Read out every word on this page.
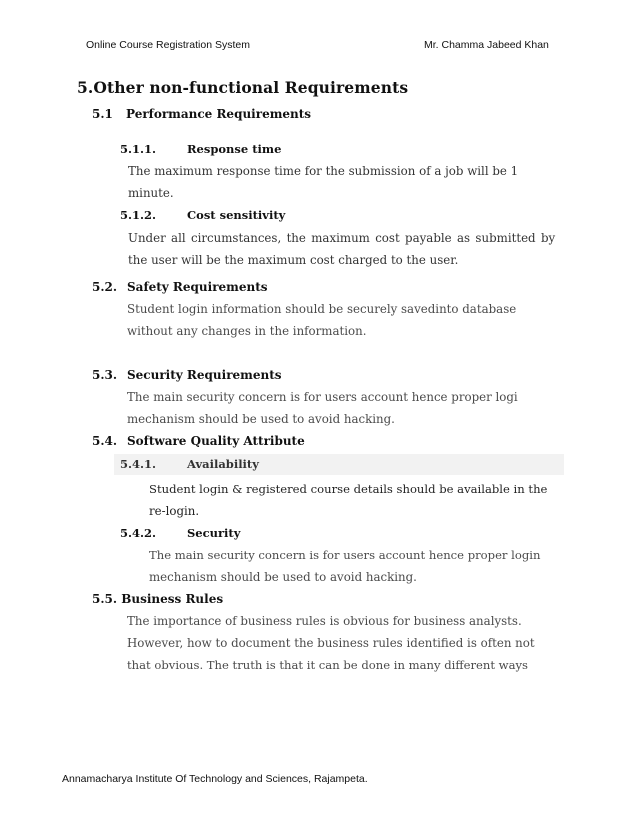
Online Course Registration System	Mr. Chamma Jabeed Khan
5.Other non-functional Requirements
5.1 Performance Requirements
5.1.1.	Response time
The maximum response time for the submission of a job will be 1
minute.
5.1.2.	Cost sensitivity
Under all circumstances, the maximum cost payable as submitted by
the user will be the maximum cost charged to the user.
5.2. Safety Requirements
Student login information should be securely savedinto database
without any changes in the information.
5.3. Security Requirements
The main security concern is for users account hence proper logi
mechanism should be used to avoid hacking.
5.4. Software Quality Attribute
5.4.1.	Availability
Student login & registered course details should be available in the
re-login.
5.4.2.	Security
The main security concern is for users account hence proper login
mechanism should be used to avoid hacking.
5.5. Business Rules
The importance of business rules is obvious for business analysts.
However, how to document the business rules identified is often not
that obvious. The truth is that it can be done in many different ways
Annamacharya Institute Of Technology and Sciences, Rajampeta.
